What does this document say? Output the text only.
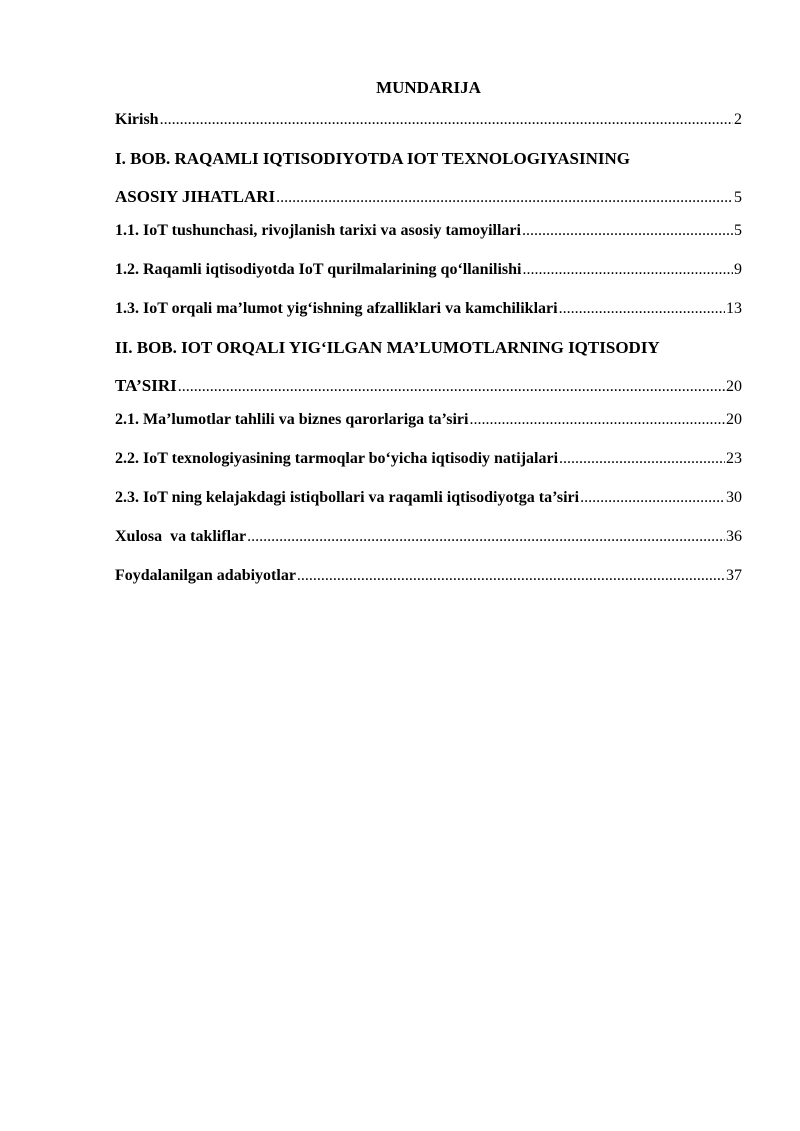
MUNDARIJA
Kirish .....	2
I. BOB. RAQAMLI IQTISODIYOTDA IOT TEXNOLOGIYASINING
ASOSIY JIHATLARI .....	5
1.1. IoT tushunchasi, rivojlanish tarixi va asosiy tamoyillari .....	5
1.2. Raqamli iqtisodiyotda IoT qurilmalarining qo‘llanilishi .....	9
1.3. IoT orqali ma’lumot yig‘ishning afzalliklari va kamchiliklari .....	13
II. BOB. IOT ORQALI YIG‘ILGAN MA’LUMOTLARNING IQTISODIY
TA’SIRI .....	20
2.1. Ma’lumotlar tahlili va biznes qarorlariga ta’siri .....	20
2.2. IoT texnologiyasining tarmoqlar bo‘yicha iqtisodiy natijalari .....	23
2.3. IoT ning kelajakdagi istiqbollari va raqamli iqtisodiyotga ta’siri .....	30
Xulosa  va takliflar .....	36
Foydalanilgan adabiyotlar .....	37
